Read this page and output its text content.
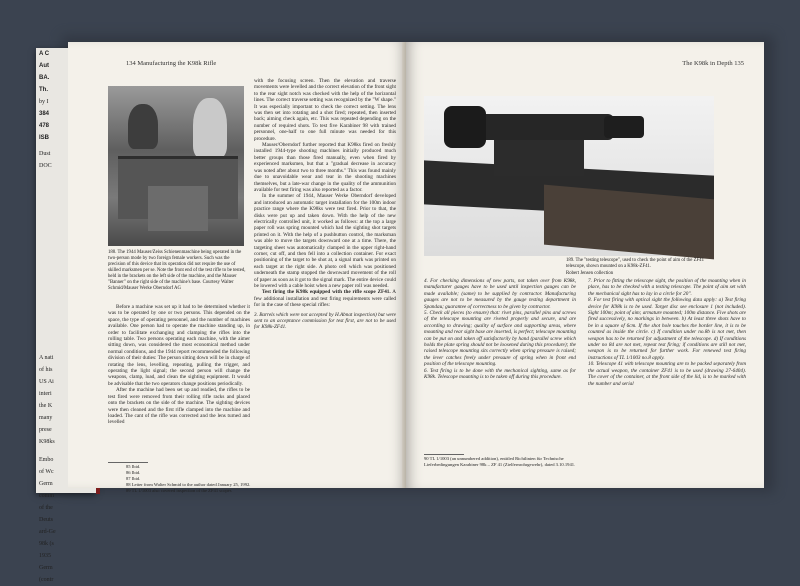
A C
Aut
BA.
Th.
by I
384
478
ISB
Dust
DOC
A nati
of his
US Ai
interi
the K
many
prese
K98ks
Embo
of Wc
Germ
comm
of the
Deuts
ard-Ge
98k (s
1935
Germ
(contr
134 Manufacturing the K98k Rifle
188. The 1944 Mauser/Zeiss Schienenmaschine being operated in the two-person mode by two foreign female workers. Such was the precision of this device that its operation did not require the use of skilled marksmen per se. Note the front end of the test rifle to be tested, held in the brackets on the left side of the machine, and the Mauser "Banner" on the right side of the machine's base. Courtesy Walter Schmid/Mauser Werke Oberndorf AG

with the focusing screen. Then the elevation and traverse movements were levelled and the correct elevation of the front sight to the rear sight notch was checked with the help of the horizontal lines. The correct traverse setting was recognized by the "W shape." It was especially important to check the correct setting. The lens was then set into rotating and a shot fired; repeated, then inserted back; aiming check again, etc. This was repeated depending on the number of required shots. To test five Karabiner 98 with trained personnel, one-half to one full minute was needed for this procedure.

Mauser/Oberndorf further reported that K98ks fired on freshly installed 1944-type shooting machines initially produced much better groups than those fired manually, even when fired by experienced marksmen, but that a "gradual decrease in accuracy was noted after about two to three months." This was found mainly due to unavoidable wear and tear in the shooting machines themselves, but a late-war change in the quality of the ammunition available for test firing was also reported as a factor.

In the summer of 1944, Mauser Werke Oberndorf developed and introduced an automatic target installation for the 100m indoor practice range where the K98ks were test fired. Prior to that, the disks were put up and taken down. With the help of the new electrically controlled unit, it worked as follows: at the top a large paper roll was spring mounted which had the sighting shot targets printed on it. With the help of a pushbutton control, the marksman was able to move the targets downward one at a time. There, the targeting sheet was automatically clamped in the upper right-hand corner, cut off, and then fell into a collection container. For exact positioning of the target to be shot at, a signal mark was printed on each target at the right side. A photo cell which was positioned underneath the stamp stopped the downward movement of the roll of paper as soon as it got to the signal mark. The entire device could be lowered with a cable hoist when a new paper roll was needed.

Test firing the K98k equipped with the rifle scope ZF41. A few additional installation and test firing requirements were called for in the case of these special rifles:

3. Barrels which were not accepted by H.Abnat inspection) but were sent to an acceptance commission for test first, are not to be used for K98k-ZF41.

Before a machine was set up it had to be determined whether it was to be operated by one or two persons. This depended on the space, the type of operating personnel, and the number of machines available. One person had to operate the machine standing up, in order to facilitate exchanging and clamping the rifles into the rolling table. Two persons operating each machine, with the aimer sitting down, was considered the most economical method under normal conditions, and the 1944 report recommended the following division of their duties: The person sitting down will be in charge of rotating the lens, levelling, repeating, pulling the trigger, and operating the light signal; the second person will change the weapons, clamp, load, and clean the sighting equipment. It would be advisable that the two operators change positions periodically.

After the machine had been set up and readied, the rifles to be test fired were removed from their rolling rifle racks and placed onto the brackets on the side of the machine. The sighting devices were then cleaned and the first rifle clamped into the machine and loaded. The cant of the rifle was corrected and the lens turned and levelled

85 Ibid.
86 Ibid.
87 Ibid.
88 Letter from Walter Schmid to the author dated January 25, 1992.
89 TL 1/1003 also covered inspection of the ZF41 scopes
The K98k in Depth 135
189. The "testing telescope", used to check the point of aim of the ZF41 telescope, shown mounted on a K98k-ZF41.
Robert Jensen collection

4. For checking dimensions of new parts, not taken over from K98k, manufacturer gauges have to be used until inspection gauges can be made available; (same) to be supplied by contractor. Manufacturing gauges are not to be measured by the gauge testing department in Spandau; guarantee of correctness to be given by contractor.

5. Check all pieces (to ensure) that: rivet pins, parallel pins and screws of the telescope mounting are riveted properly and secure, and are according to drawing; quality of surface and supporting areas, where mounting and rear sight base are inserted, is perfect; telescope mounting can be put on and taken off satisfactorily by hand (parallel screw which holds the plate spring should not be loosened during this procedure); the raised telescope mounting sits correctly when spring pressure is raised; the lever catches freely under pressure of spring when in front end position of the telescope mounting.

6. Test firing is to be done with the mechanical sighting, same as for K98k. Telescope mounting is to be taken off during this procedure.

7. Prior to fitting the telescope sight, the position of the mounting when in place, has to be checked with a testing telescope. The point of aim set with the mechanical sight has to lay in a circle for 20".

8. For test firing with optical sight the following data apply: a) Test firing device for K98k is to be used. Target disc see enclosure 1 (not included). Sight 100m; point of aim; armature mounted; 100m distance. Five shots are fired successively, no markings in between. b) At least three shots have to be in a square of 6cm. If the shot hole touches the border line, it is to be counted as inside the circle. c) If condition under no.8b is not met, then weapon has to be returned for adjustment of the telescope. d) If conditions under no 8d are not met, repeat test firing; if conditions are still not met, weapon is to be returned for further work. For renewed test firing instructions of TL 1/1003 no.8 apply.

10. Telescope 41 with telescope mounting are to be packed separately from the actual weapon, the container ZF41 is to be used (drawing 27-6404). The cover of the container, at the front side of the lid, is to be marked with the number and serial

90 TL 1/1003 (an unnumbered addition), entitled Richtlinien für Technische Lieferbedingungen Karabiner 98k – ZF 41 (Zielfernrohrgewehr), dated 3.10.1941.
